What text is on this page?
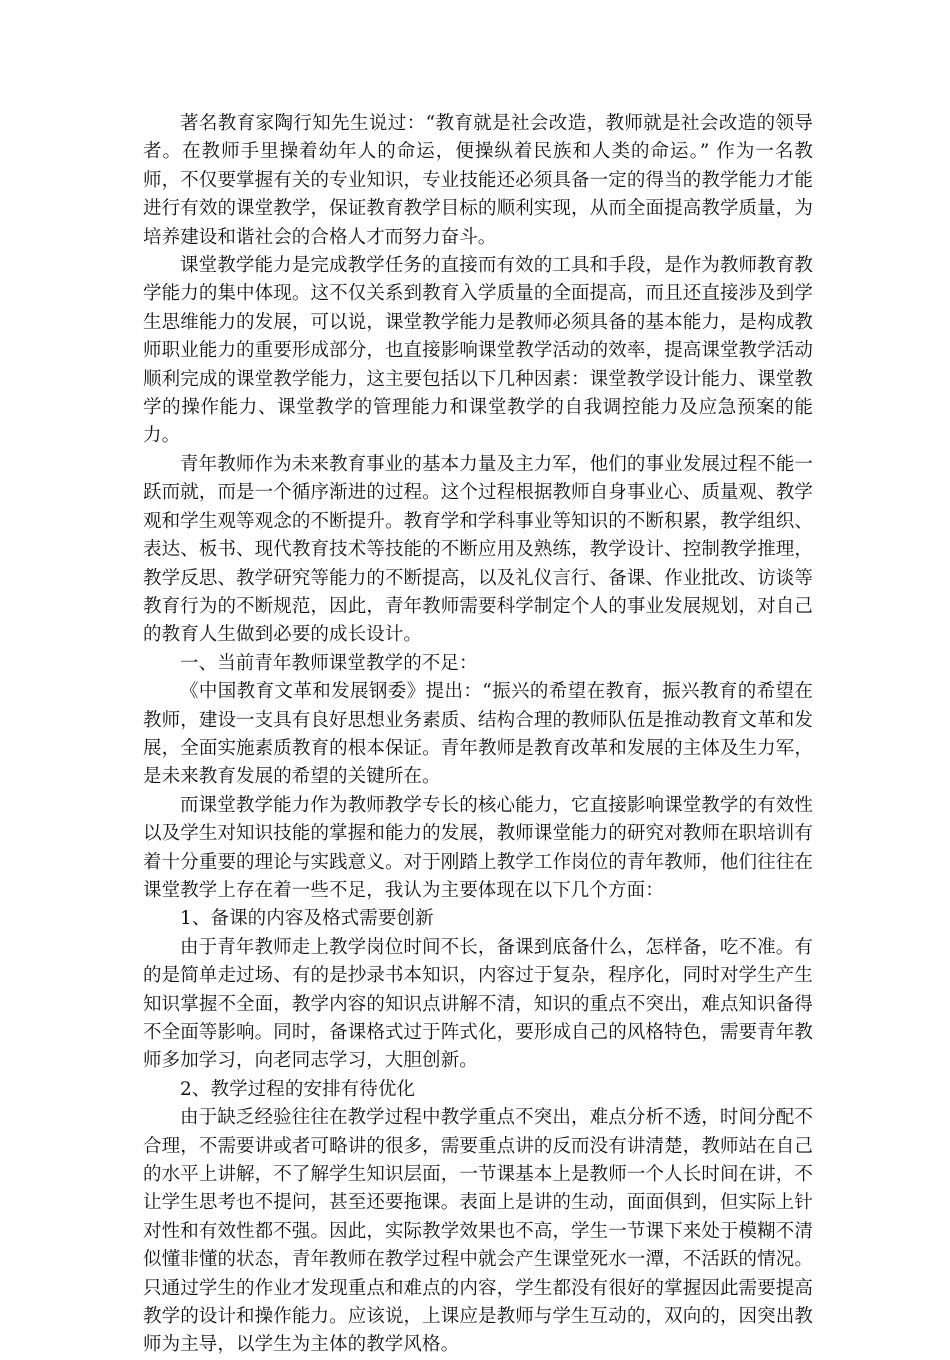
著名教育家陶行知先生说过：“教育就是社会改造，教师就是社会改造的领导者。在教师手里操着幼年人的命运，便操纵着民族和人类的命运。” 作为一名教师，不仅要掌握有关的专业知识，专业技能还必须具备一定的得当的教学能力才能进行有效的课堂教学，保证教育教学目标的顺利实现，从而全面提高教学质量，为培养建设和谐社会的合格人才而努力奋斗。

课堂教学能力是完成教学任务的直接而有效的工具和手段，是作为教师教育教学能力的集中体现。这不仅关系到教育入学质量的全面提高，而且还直接涉及到学生思维能力的发展，可以说，课堂教学能力是教师必须具备的基本能力，是构成教师职业能力的重要形成部分，也直接影响课堂教学活动的效率，提高课堂教学活动顺利完成的课堂教学能力，这主要包括以下几种因素：课堂教学设计能力、课堂教学的操作能力、课堂教学的管理能力和课堂教学的自我调控能力及应急预案的能力。

青年教师作为未来教育事业的基本力量及主力军，他们的事业发展过程不能一跃而就，而是一个循序渐进的过程。这个过程根据教师自身事业心、质量观、教学观和学生观等观念的不断提升。教育学和学科事业等知识的不断积累，教学组织、表达、板书、现代教育技术等技能的不断应用及熟练，教学设计、控制教学推理，教学反思、教学研究等能力的不断提高，以及礼仪言行、备课、作业批改、访谈等教育行为的不断规范，因此，青年教师需要科学制定个人的事业发展规划，对自己的教育人生做到必要的成长设计。

一、当前青年教师课堂教学的不足：

《中国教育文革和发展钢委》提出：“振兴的希望在教育，振兴教育的希望在教师，建设一支具有良好思想业务素质、结构合理的教师队伍是推动教育文革和发展，全面实施素质教育的根本保证。青年教师是教育改革和发展的主体及生力军，是未来教育发展的希望的关键所在。

而课堂教学能力作为教师教学专长的核心能力，它直接影响课堂教学的有效性以及学生对知识技能的掌握和能力的发展，教师课堂能力的研究对教师在职培训有着十分重要的理论与实践意义。对于刚踏上教学工作岗位的青年教师，他们往往在课堂教学上存在着一些不足，我认为主要体现在以下几个方面：

1、备课的内容及格式需要创新

由于青年教师走上教学岗位时间不长，备课到底备什么，怎样备，吃不准。有的是简单走过场、有的是抄录书本知识，内容过于复杂，程序化，同时对学生产生知识掌握不全面，教学内容的知识点讲解不清，知识的重点不突出，难点知识备得不全面等影响。同时，备课格式过于阵式化，要形成自己的风格特色，需要青年教师多加学习，向老同志学习，大胆创新。

2、教学过程的安排有待优化

由于缺乏经验往往在教学过程中教学重点不突出，难点分析不透，时间分配不合理，不需要讲或者可略讲的很多，需要重点讲的反而没有讲清楚，教师站在自己的水平上讲解，不了解学生知识层面，一节课基本上是教师一个人长时间在讲，不让学生思考也不提问，甚至还要拖课。表面上是讲的生动，面面俱到，但实际上针对性和有效性都不强。因此，实际教学效果也不高，学生一节课下来处于模糊不清似懂非懂的状态，青年教师在教学过程中就会产生课堂死水一潭，不活跃的情况。只通过学生的作业才发现重点和难点的内容，学生都没有很好的掌握因此需要提高教学的设计和操作能力。应该说，上课应是教师与学生互动的，双向的，因突出教师为主导，以学生为主体的教学风格。
